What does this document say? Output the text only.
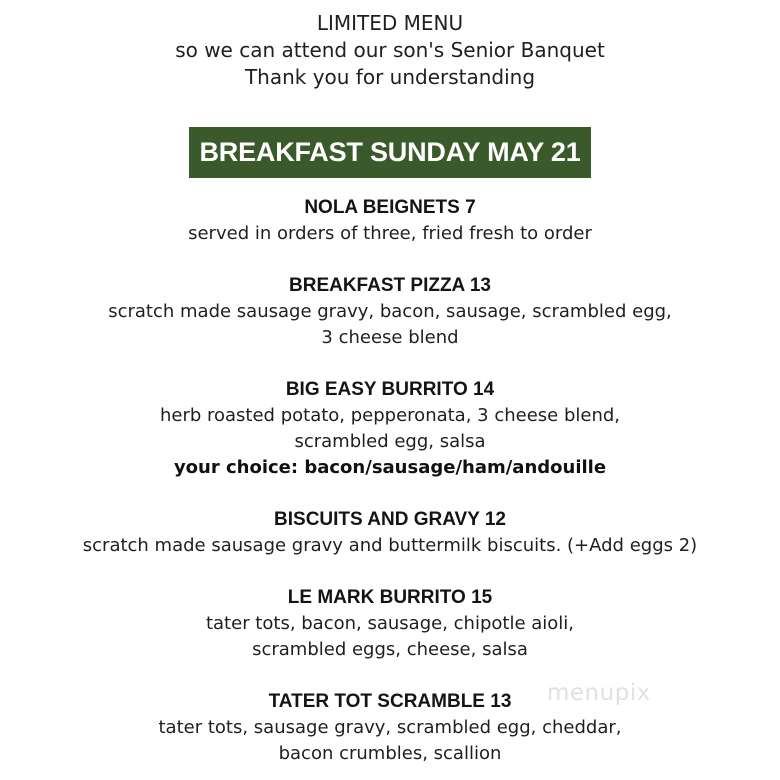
LIMITED MENU
so we can attend our son's Senior Banquet
Thank you for understanding
BREAKFAST SUNDAY MAY 21
NOLA BEIGNETS 7
served in orders of three, fried fresh to order
BREAKFAST PIZZA 13
scratch made sausage gravy, bacon, sausage, scrambled egg,
3 cheese blend
BIG EASY BURRITO 14
herb roasted potato, pepperonata, 3 cheese blend,
scrambled egg, salsa
your choice: bacon/sausage/ham/andouille
BISCUITS AND GRAVY 12
scratch made sausage gravy and buttermilk biscuits. (+Add eggs 2)
LE MARK BURRITO 15
tater tots, bacon, sausage, chipotle aioli,
scrambled eggs, cheese, salsa
TATER TOT SCRAMBLE 13
tater tots, sausage gravy, scrambled egg, cheddar,
bacon crumbles, scallion
menupix
